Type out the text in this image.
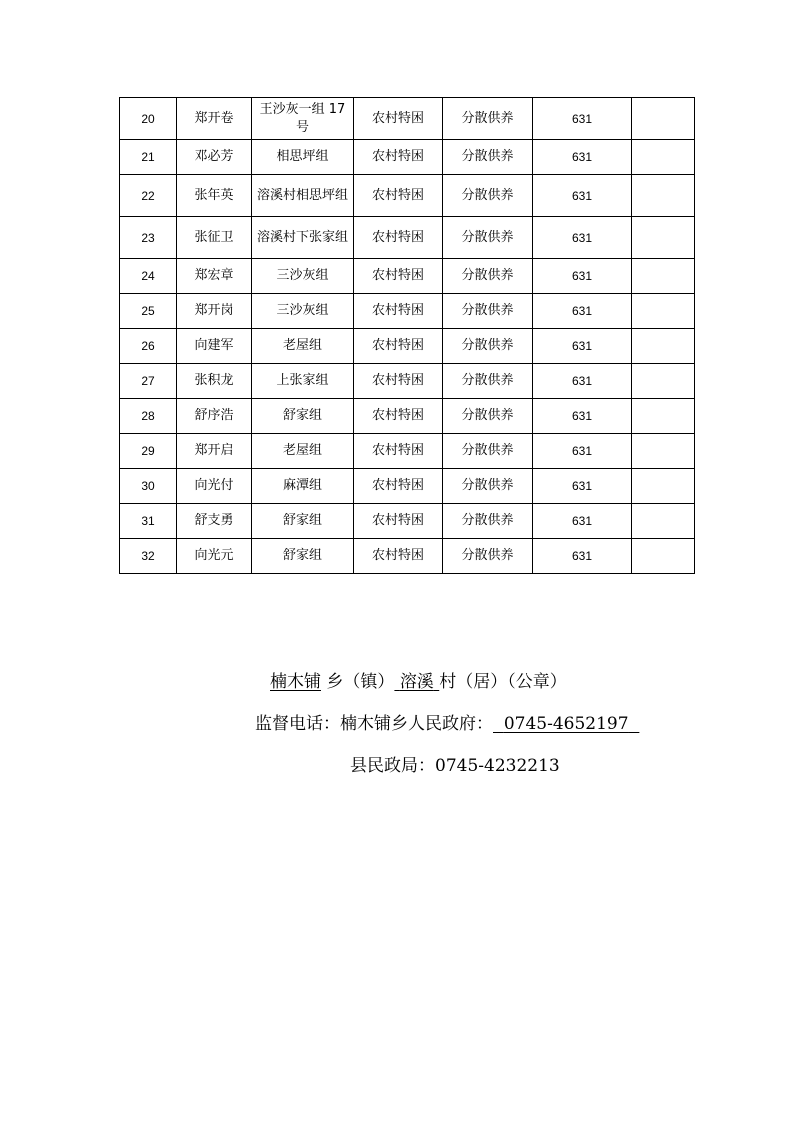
20	郑开卷	王沙灰一组 17号	农村特困	分散供养	631	
21	邓必芳	相思坪组	农村特困	分散供养	631	
22	张年英	溶溪村相思坪组	农村特困	分散供养	631	
23	张征卫	溶溪村下张家组	农村特困	分散供养	631	
24	郑宏章	三沙灰组	农村特困	分散供养	631	
25	郑开岗	三沙灰组	农村特困	分散供养	631	
26	向建军	老屋组	农村特困	分散供养	631	
27	张积龙	上张家组	农村特困	分散供养	631	
28	舒序浩	舒家组	农村特困	分散供养	631	
29	郑开启	老屋组	农村特困	分散供养	631	
30	向光付	麻潭组	农村特困	分散供养	631	
31	舒支勇	舒家组	农村特困	分散供养	631	
32	向光元	舒家组	农村特困	分散供养	631	
楠木铺 乡（镇） 溶溪 村（居）（公章）
监督电话：楠木铺乡人民政府： 0745-4652197
县民政局：0745-4232213
